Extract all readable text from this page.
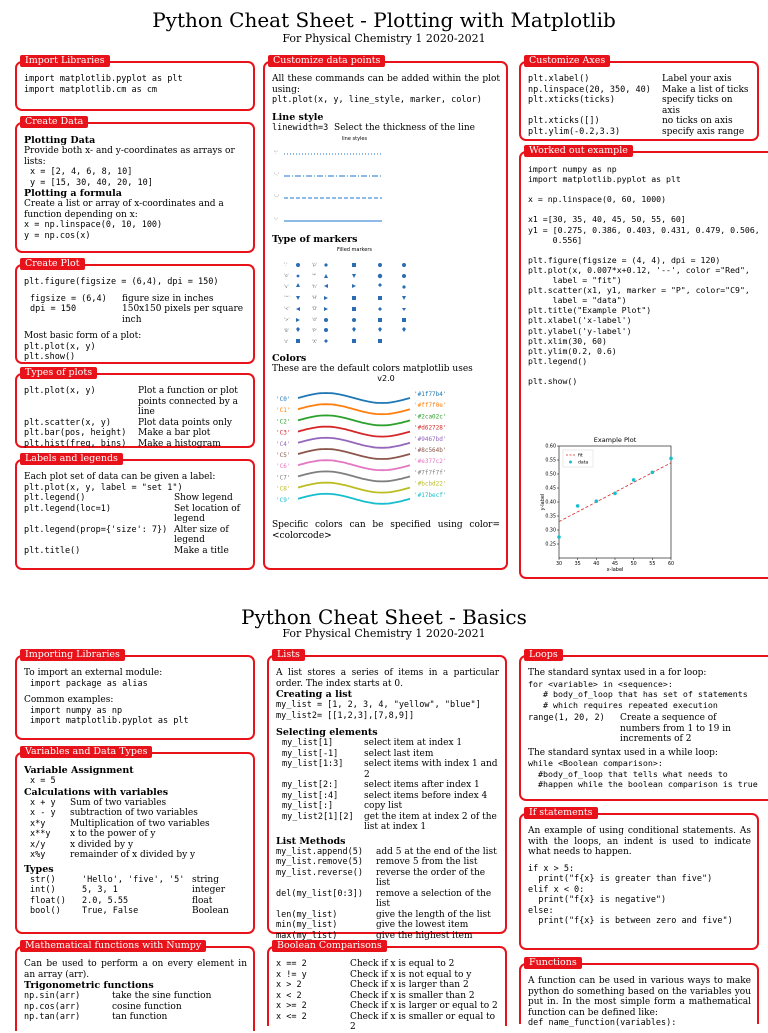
Python Cheat Sheet - Plotting with Matplotlib
For Physical Chemistry 1 2020-2021
Import Libraries
import matplotlib.pyplot as plt
import matplotlib.cm as cm
Create Data
Plotting Data
Provide both x- and y-coordinates as arrays or lists:
x = [2, 4, 6, 8, 10]
y = [15, 30, 40, 20, 10]
Plotting a formula
Create a list or array of x-coordinates and a function depending on x:
x = np.linspace(0, 10, 100)
y = np.cos(x)
Create Plot
plt.figure(figsize = (6,4), dpi = 150)
figsize = (6,4)	figure size in inches
dpi = 150	150x150 pixels per square inch
Most basic form of a plot:
plt.plot(x, y)
plt.show()
Types of plots
plt.plot(x, y)	Plot a function or plot points connected by a line
plt.scatter(x, y)	Plot data points only
plt.bar(pos, height)	Make a bar plot
plt.hist(freq, bins)	Make a histogram
Labels and legends
Each plot set of data can be given a label:
plt.plot(x, y, label = "set 1")
plt.legend()	Show legend
plt.legend(loc=1)	Set location of legend
plt.legend(prop={'size': 7})	Alter size of legend
plt.title()	Make a title
Customize data points
All these commands can be added within the plot using:
plt.plot(x, y, line_style, marker, color)
Line style
linewidth=3 Select the thickness of the line
line styles
':'
'-.'
'--'
'-'
Type of markers
Filled markers
'.'
'o'
'v'
'^'
'<'
'>'
'8'
's'
'p'
'*'
'h'
'H'
'D'
'd'
'P'
'X'
Colors
These are the default colors matplotlib uses
v2.0
'C0'
'#1f77b4'
'C1'
'#ff7f0e'
'C2'
'#2ca02c'
'C3'
'#d62728'
'C4'
'#9467bd'
'C5'
'#8c564b'
'C6'
'#e377c2'
'C7'
'#7f7f7f'
'C8'
'#bcbd22'
'C9'
'#17becf'
Specific colors can be specified using color= <colorcode>
Customize Axes
plt.xlabel()	Label your axis
np.linspace(20, 350, 40)	Make a list of ticks
plt.xticks(ticks)	specify ticks on axis
plt.xticks([])	no ticks on axis
plt.ylim(-0.2,3.3)	specify axis range
Worked out example
import numpy as np
import matplotlib.pyplot as plt

x = np.linspace(0, 60, 1000)

x1 =[30, 35, 40, 45, 50, 55, 60]
y1 = [0.275, 0.386, 0.403, 0.431, 0.479, 0.506,
0.556]

plt.figure(figsize = (4, 4), dpi = 120)
plt.plot(x, 0.007*x+0.12, '--', color ="Red",
label = "fit")
plt.scatter(x1, y1, marker = "P", color="C9",
label = "data")
plt.title("Example Plot")
plt.xlabel('x-label')
plt.ylabel('y-label')
plt.xlim(30, 60)
plt.ylim(0.2, 0.6)
plt.legend()

plt.show()
Example Plot
30	35	40	45	50	55	60
0.25
0.30
0.35
0.40
0.45
0.50
0.55
0.60
x-label
y-label
fit
data
Python Cheat Sheet - Basics
For Physical Chemistry 1 2020-2021
Importing Libraries
To import an external module:
import package as alias
Common examples:
import numpy as np
import matplotlib.pyplot as plt
Variables and Data Types
Variable Assignment
x = 5
Calculations with variables
x + y	Sum of two variables
x - y	subtraction of two variables
x*y	Multiplication of two variables
x**y	x to the power of y
x/y	x divided by y
x%y	remainder of x divided by y
Types
str()	'Hello', 'five', '5'	string
int()	5, 3, 1	integer
float()	2.0, 5.55	float
bool()	True, False	Boolean
Mathematical functions with Numpy
Can be used to perform a on every element in an array (arr).
Trigonometric functions
np.sin(arr)	take the sine function
np.cos(arr)	cosine function
np.tan(arr)	tan function
Lists
A list stores a series of items in a particular order. The index starts at 0.
Creating a list
my_list = [1, 2, 3, 4, "yellow", "blue"]
my_list2= [[1,2,3],[7,8,9]]
Selecting elements
my_list[1]	select item at index 1
my_list[-1]	select last item
my_list[1:3]	select items with index 1 and 2
my_list[2:]	select items after index 1
my_list[:4]	select items before index 4
my_list[:]	copy list
my_list2[1][2]	get the item at index 2 of the list at index 1
List Methods
my_list.append(5)	add 5 at the end of the list
my_list.remove(5)	remove 5 from the list
my_list.reverse()	reverse the order of the list
del(my_list[0:3])	remove a selection of the list
len(my_list)	give the length of the list
min(my_list)	give the lowest item
max(my_list)	give the highest item
Boolean Comparisons
x == 2	Check if x is equal to 2
x != y	Check if x is not equal to y
x > 2	Check if x is larger than 2
x < 2	Check if x is smaller than 2
x >= 2	Check if x is larger or equal to 2
x <= 2	Check if x is smaller or equal to 2
Loops
The standard syntax used in a for loop:
for <variable> in <sequence>:
# body_of_loop that has set of statements
# which requires repeated execution
range(1, 20, 2)	Create a sequence of numbers from 1 to 19 in increments of 2
The standard syntax used in a while loop:
while <Boolean comparison>:
#body_of_loop that tells what needs to
#happen while the boolean comparison is true
If statements
An example of using conditional statements. As with the loops, an indent is used to indicate what needs to happen.
if x > 5:
print("f{x} is greater than five")
elif x < 0:
print("f{x} is negative")
else:
print("f{x} is between zero and five")
Functions
A function can be used in various ways to make python do something based on the variables you put in. In the most simple form a mathematical function can be defined like:
def name_function(variables):
